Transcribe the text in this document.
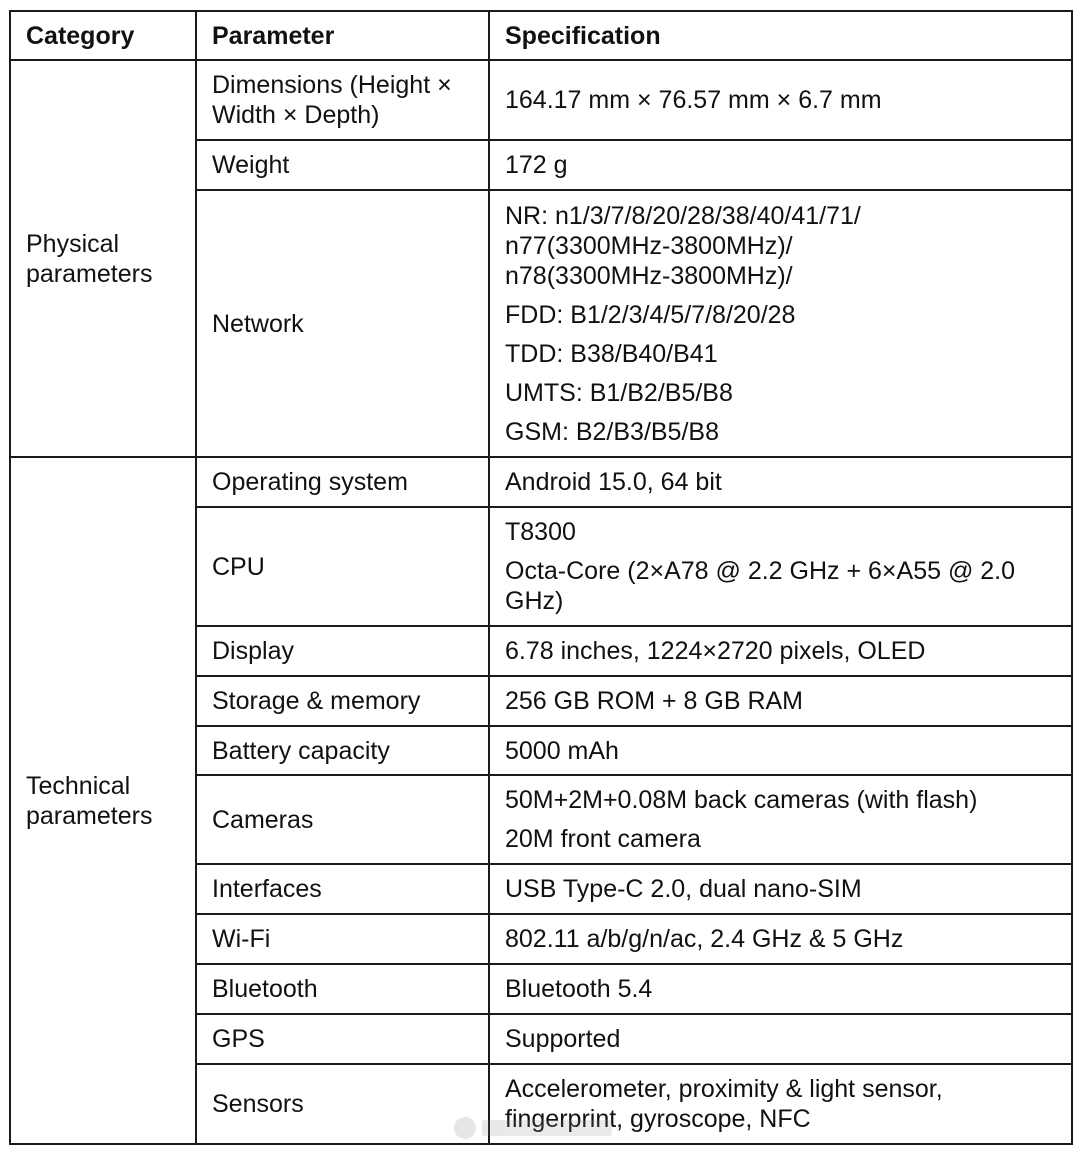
Category	Parameter	Specification
Physical parameters	Dimensions (Height × Width × Depth)	164.17 mm × 76.57 mm × 6.7 mm

	Weight	172 g

	Network	NR: n1/3/7/8/20/28/38/40/41/71/ n77(3300MHz-3800MHz)/ n78(3300MHz-3800MHz)/
FDD: B1/2/3/4/5/7/8/20/28
TDD: B38/B40/B41
UMTS: B1/B2/B5/B8
GSM: B2/B3/B5/B8

Technical parameters	Operating system	Android 15.0, 64 bit

	CPU	T8300
Octa-Core (2×A78 @ 2.2 GHz + 6×A55 @ 2.0 GHz)

	Display	6.78 inches, 1224×2720 pixels, OLED

	Storage & memory	256 GB ROM + 8 GB RAM

	Battery capacity	5000 mAh

	Cameras	50M+2M+0.08M back cameras (with flash)
20M front camera

	Interfaces	USB Type-C 2.0, dual nano-SIM

	Wi-Fi	802.11 a/b/g/n/ac, 2.4 GHz & 5 GHz

	Bluetooth	Bluetooth 5.4

	GPS	Supported

	Sensors	Accelerometer, proximity & light sensor, fingerprint, gyroscope, NFC
